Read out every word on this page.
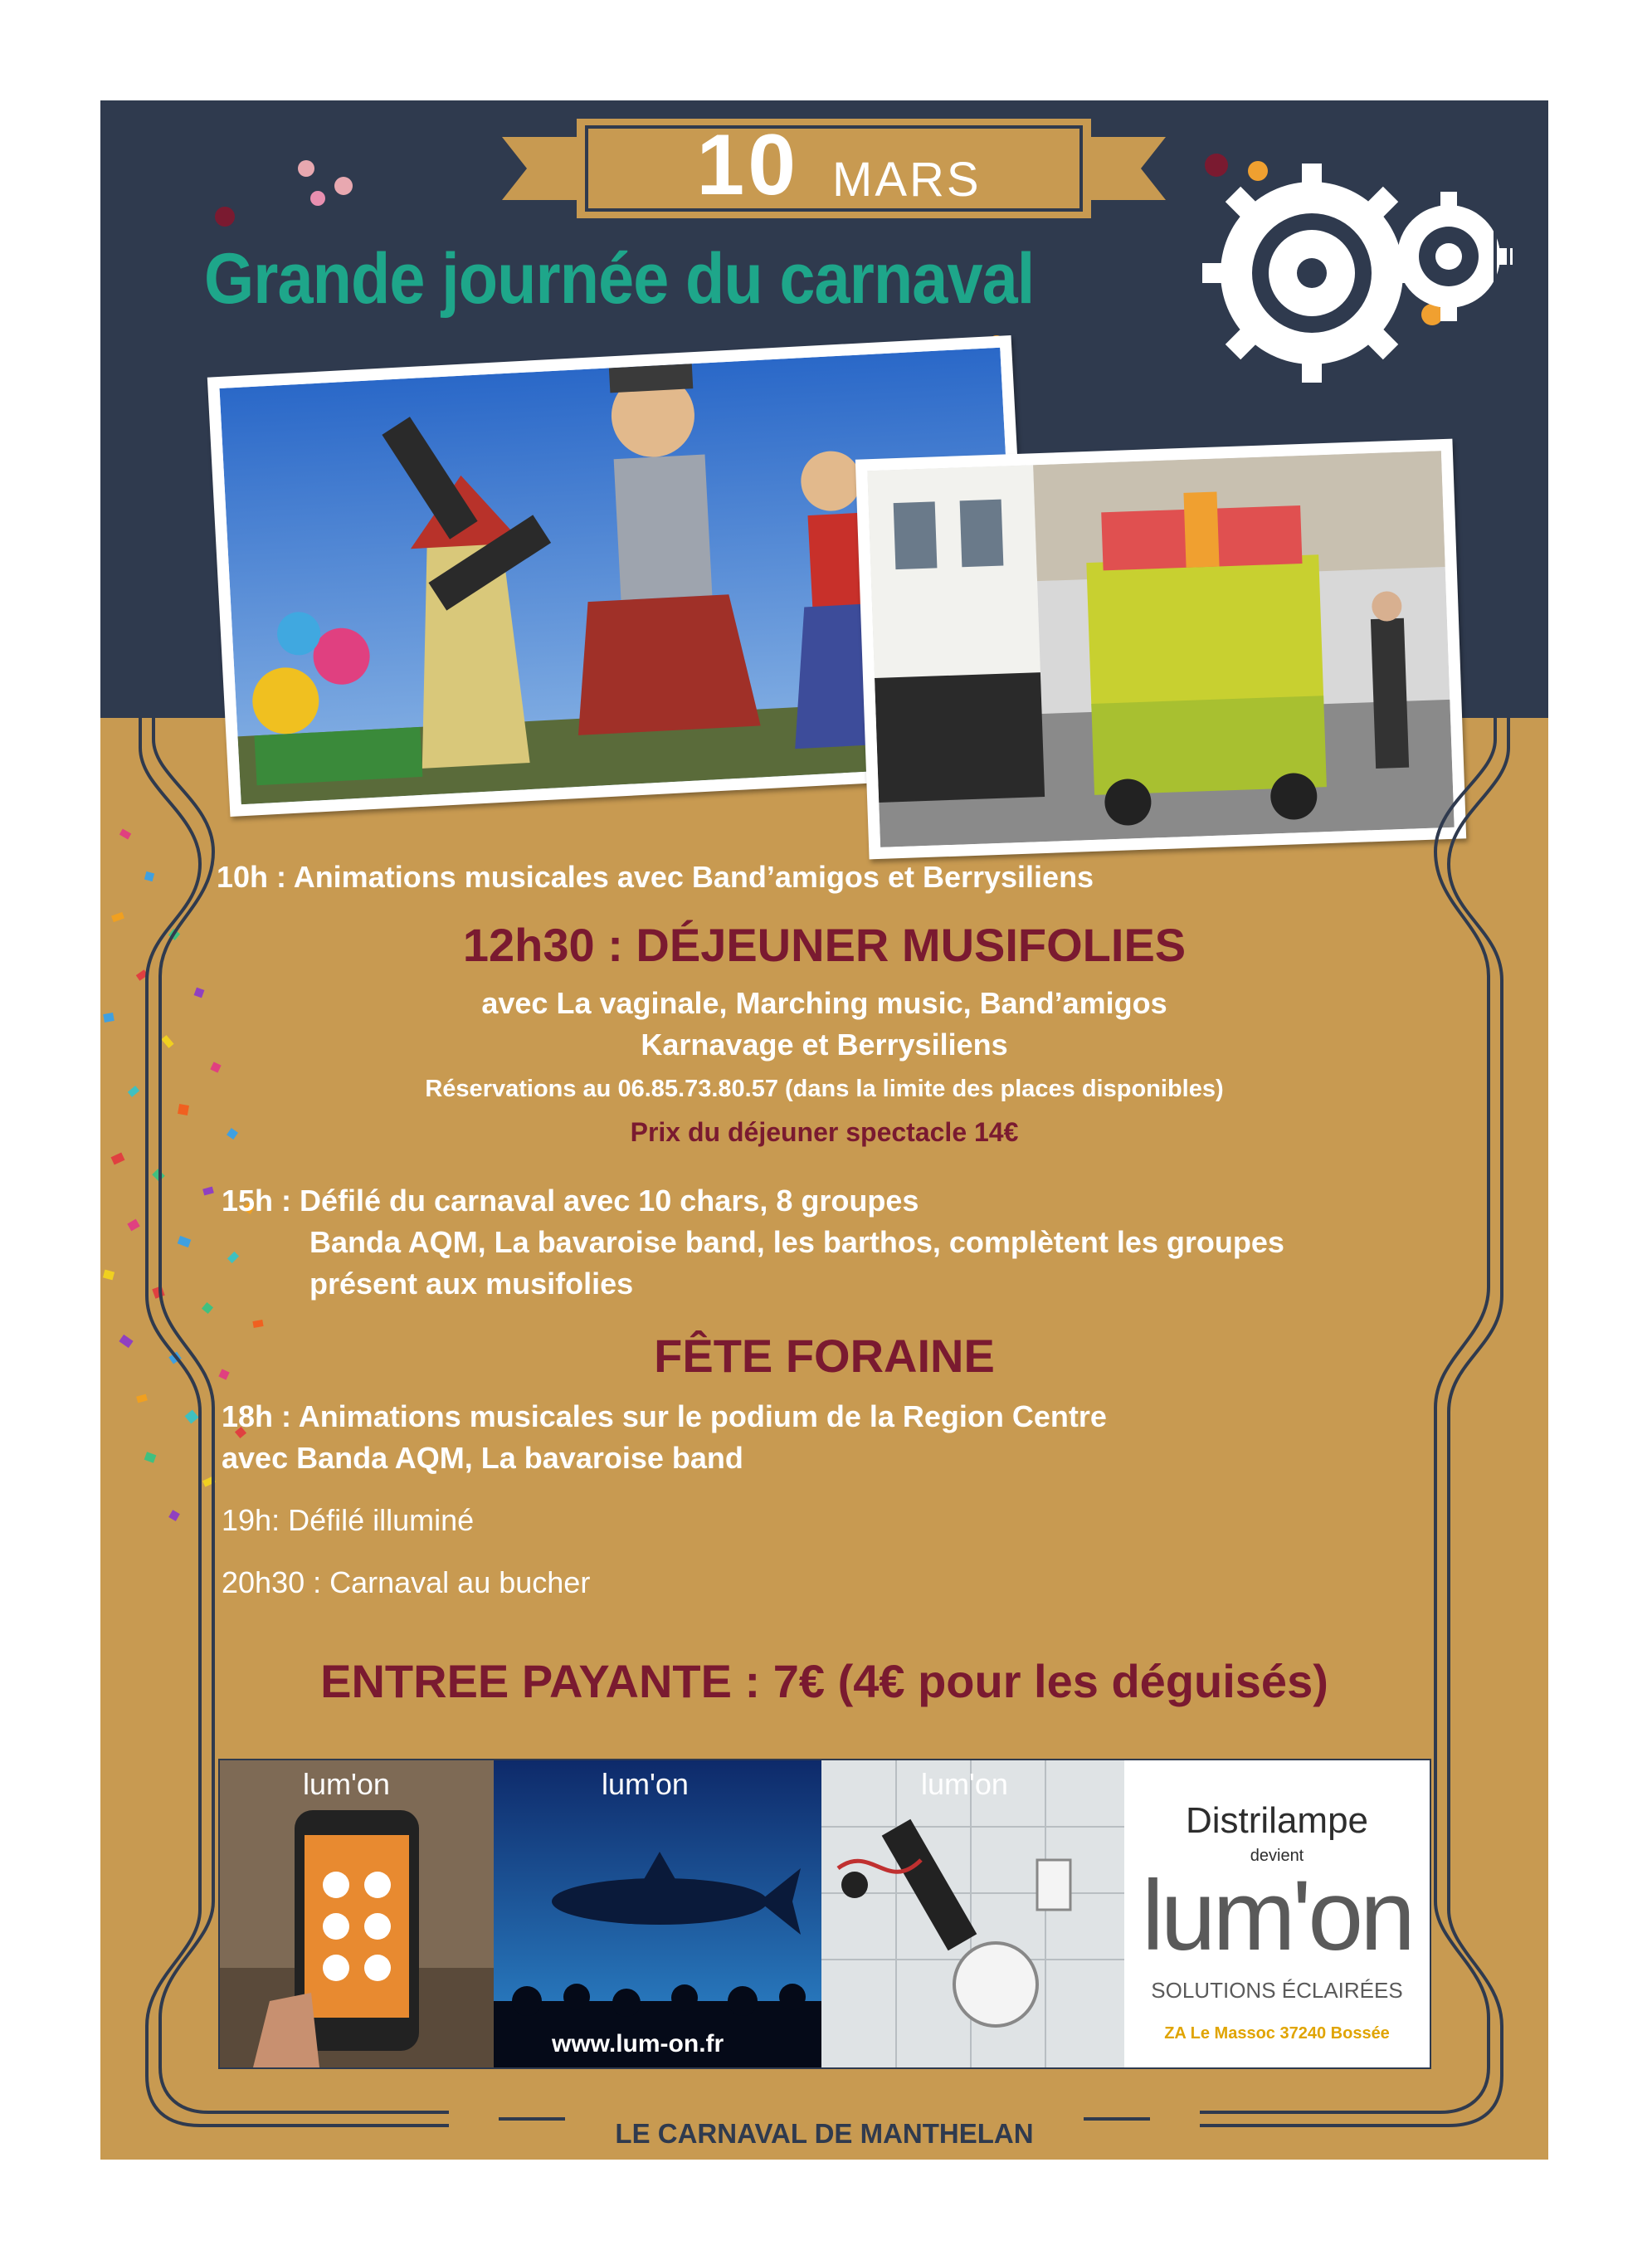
10 MARS
Grande journée du carnaval

10h : Animations musicales avec Band’amigos et Berrysiliens

12h30 : DÉJEUNER MUSIFOLIES

avec La vaginale, Marching music, Band’amigos

Karnavage et Berrysiliens

Réservations au 06.85.73.80.57 (dans la limite des places disponibles)

Prix du déjeuner spectacle 14€

15h : Défilé du carnaval avec 10 chars, 8 groupes

Banda AQM, La bavaroise band, les barthos, complètent les groupes

présent aux musifolies

FÊTE FORAINE

18h : Animations musicales sur le podium de la Region Centre

avec Banda AQM, La bavaroise band

19h: Défilé illuminé

20h30 : Carnaval au bucher

ENTREE PAYANTE : 7€ (4€ pour les déguisés)

lum'on	lum'on
www.lum-on.fr
lum'on
Distrilampe
devient
lum'on
SOLUTIONS ÉCLAIRÉES
ZA Le Massoc 37240 Bossée

LE CARNAVAL DE MANTHELAN
